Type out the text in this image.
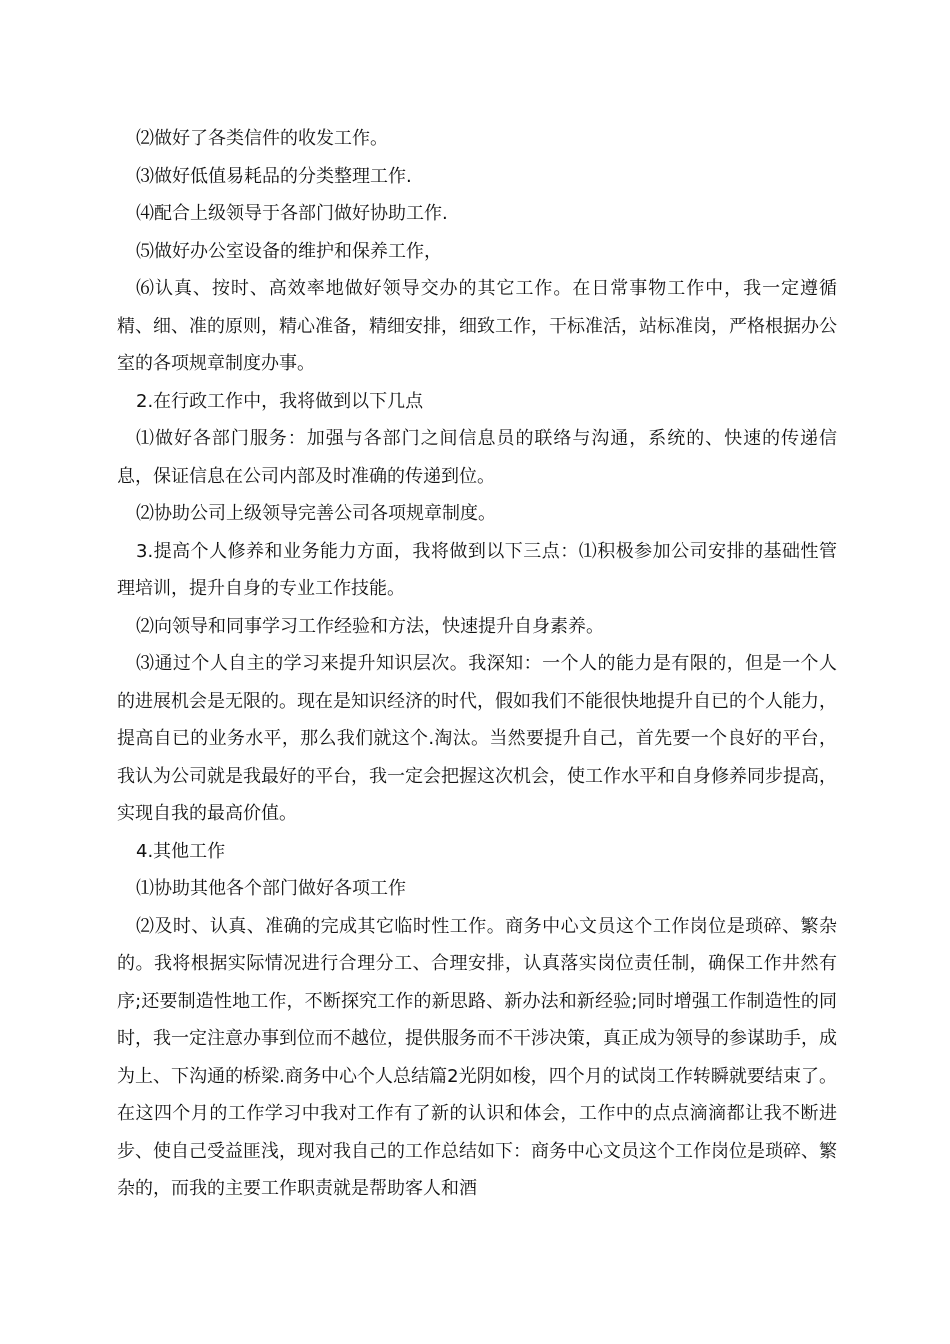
⑵做好了各类信件的收发工作。

⑶做好低值易耗品的分类整理工作.

⑷配合上级领导于各部门做好协助工作.

⑸做好办公室设备的维护和保养工作，

⑹认真、按时、高效率地做好领导交办的其它工作。在日常事物工作中，我一定遵循精、细、准的原则，精心准备，精细安排，细致工作，干标准活，站标准岗，严格根据办公室的各项规章制度办事。

2.在行政工作中，我将做到以下几点

⑴做好各部门服务：加强与各部门之间信息员的联络与沟通，系统的、快速的传递信息，保证信息在公司内部及时准确的传递到位。

⑵协助公司上级领导完善公司各项规章制度。

3.提高个人修养和业务能力方面，我将做到以下三点：⑴积极参加公司安排的基础性管理培训，提升自身的专业工作技能。

⑵向领导和同事学习工作经验和方法，快速提升自身素养。

⑶通过个人自主的学习来提升知识层次。我深知：一个人的能力是有限的，但是一个人的进展机会是无限的。现在是知识经济的时代，假如我们不能很快地提升自已的个人能力，提高自已的业务水平，那么我们就这个.淘汰。当然要提升自己，首先要一个良好的平台，我认为公司就是我最好的平台，我一定会把握这次机会，使工作水平和自身修养同步提高，实现自我的最高价值。

4.其他工作

⑴协助其他各个部门做好各项工作

⑵及时、认真、准确的完成其它临时性工作。商务中心文员这个工作岗位是琐碎、繁杂的。我将根据实际情况进行合理分工、合理安排，认真落实岗位责任制，确保工作井然有序;还要制造性地工作，不断探究工作的新思路、新办法和新经验;同时增强工作制造性的同时，我一定注意办事到位而不越位，提供服务而不干涉决策，真正成为领导的参谋助手，成为上、下沟通的桥梁.商务中心个人总结篇2光阴如梭，四个月的试岗工作转瞬就要结束了。在这四个月的工作学习中我对工作有了新的认识和体会，工作中的点点滴滴都让我不断进步、使自己受益匪浅，现对我自己的工作总结如下：商务中心文员这个工作岗位是琐碎、繁杂的，而我的主要工作职责就是帮助客人和酒
